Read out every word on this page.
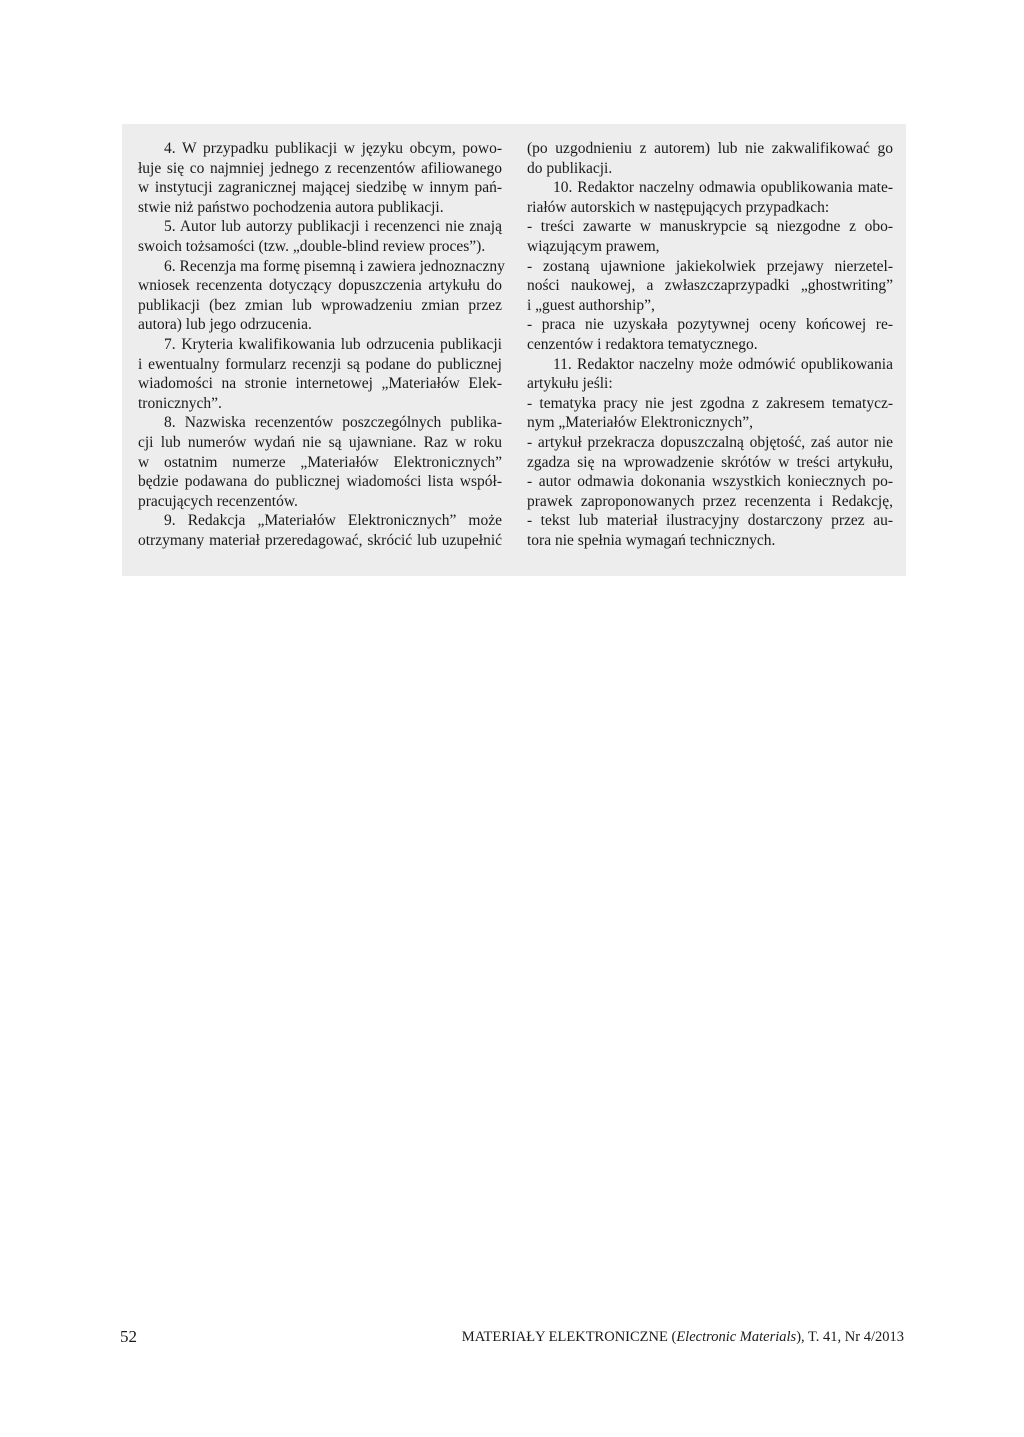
4. W przypadku publikacji w języku obcym, powo-
łuje się co najmniej jednego z recenzentów afiliowanego
w instytucji zagranicznej mającej siedzibę w innym pań-
stwie niż państwo pochodzenia autora publikacji.
5. Autor lub autorzy publikacji i recenzenci nie znają
swoich tożsamości (tzw. „double-blind review proces”).
6. Recenzja ma formę pisemną i zawiera jednoznaczny
wniosek recenzenta dotyczący dopuszczenia artykułu do
publikacji (bez zmian lub wprowadzeniu zmian przez
autora) lub jego odrzucenia.
7. Kryteria kwalifikowania lub odrzucenia publikacji
i ewentualny formularz recenzji są podane do publicznej
wiadomości na stronie internetowej „Materiałów Elek-
tronicznych”.
8. Nazwiska recenzentów poszczególnych publika-
cji lub numerów wydań nie są ujawniane. Raz w roku
w ostatnim numerze „Materiałów Elektronicznych”
będzie podawana do publicznej wiadomości lista współ-
pracujących recenzentów.
9. Redakcja „Materiałów Elektronicznych” może
otrzymany materiał przeredagować, skrócić lub uzupełnić
(po uzgodnieniu z autorem) lub nie zakwalifikować go
do publikacji.
10. Redaktor naczelny odmawia opublikowania mate-
riałów autorskich w następujących przypadkach:
- treści zawarte w manuskrypcie są niezgodne z obo-
wiązującym prawem,
- zostaną ujawnione jakiekolwiek przejawy nierzetel-
ności naukowej, a zwłaszczaprzypadki „ghostwriting”
i „guest authorship”,
- praca nie uzyskała pozytywnej oceny końcowej re-
cenzentów i redaktora tematycznego.
11. Redaktor naczelny może odmówić opublikowania
artykułu jeśli:
- tematyka pracy nie jest zgodna z zakresem tematycz-
nym „Materiałów Elektronicznych”,
- artykuł przekracza dopuszczalną objętość, zaś autor nie
zgadza się na wprowadzenie skrótów w treści artykułu,
- autor odmawia dokonania wszystkich koniecznych po-
prawek zaproponowanych przez recenzenta i Redakcję,
- tekst lub materiał ilustracyjny dostarczony przez au-
tora nie spełnia wymagań technicznych.
52	MATERIAŁY ELEKTRONICZNE (Electronic Materials), T. 41, Nr 4/2013
